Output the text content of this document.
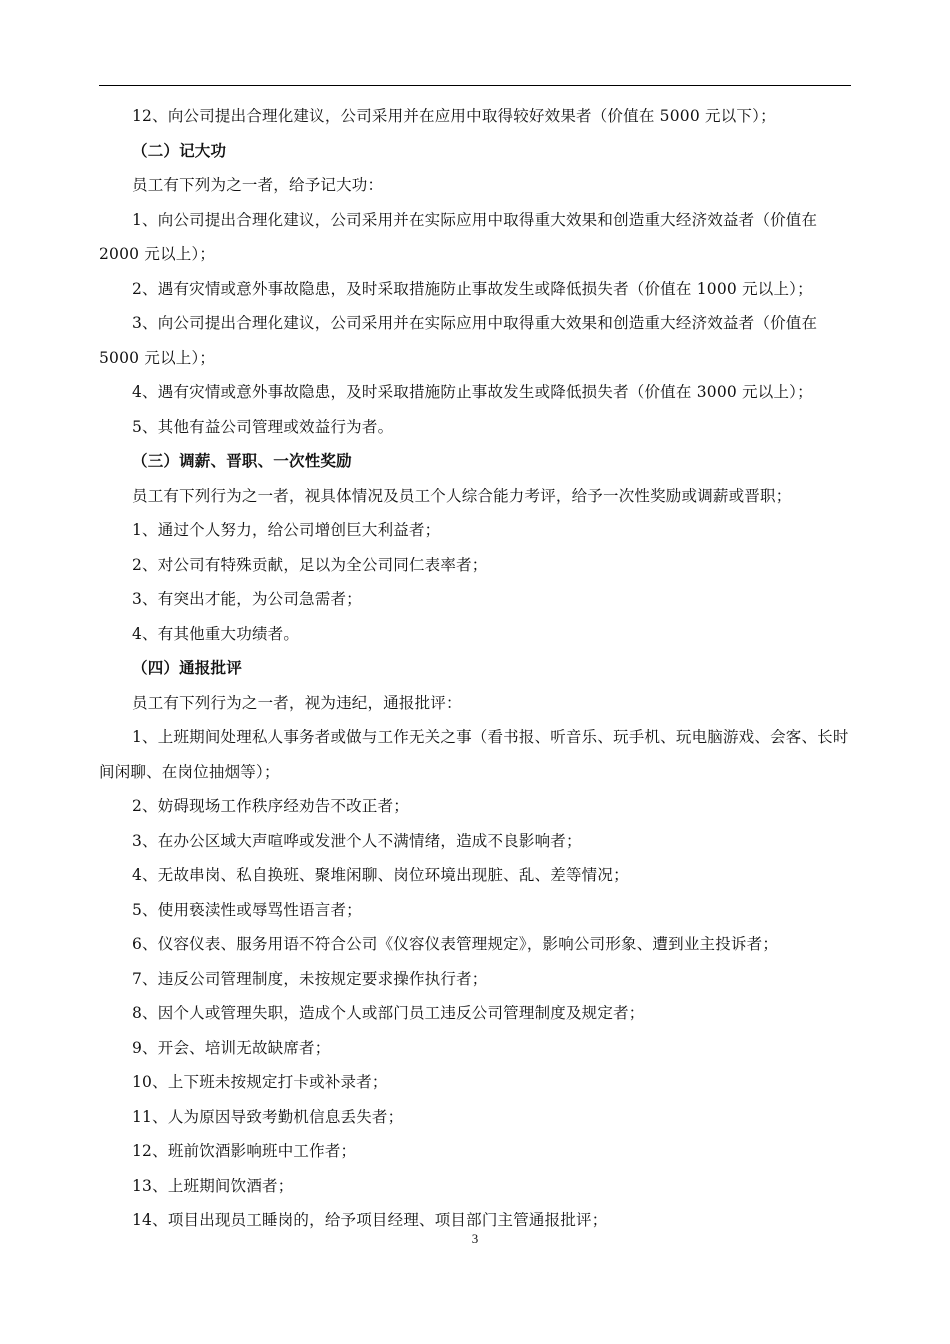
12、向公司提出合理化建议，公司采用并在应用中取得较好效果者（价值在 5000 元以下）；
（二）记大功
员工有下列为之一者，给予记大功：
1、向公司提出合理化建议，公司采用并在实际应用中取得重大效果和创造重大经济效益者（价值在
2000 元以上）；
2、遇有灾情或意外事故隐患，及时采取措施防止事故发生或降低损失者（价值在 1000 元以上）；
3、向公司提出合理化建议，公司采用并在实际应用中取得重大效果和创造重大经济效益者（价值在
5000 元以上）；
4、遇有灾情或意外事故隐患，及时采取措施防止事故发生或降低损失者（价值在 3000 元以上）；
5、其他有益公司管理或效益行为者。
（三）调薪、晋职、一次性奖励
员工有下列行为之一者，视具体情况及员工个人综合能力考评，给予一次性奖励或调薪或晋职；
1、通过个人努力，给公司增创巨大利益者；
2、对公司有特殊贡献，足以为全公司同仁表率者；
3、有突出才能，为公司急需者；
4、有其他重大功绩者。
（四）通报批评
员工有下列行为之一者，视为违纪，通报批评：
1、上班期间处理私人事务者或做与工作无关之事（看书报、听音乐、玩手机、玩电脑游戏、会客、长时
间闲聊、在岗位抽烟等）；
2、妨碍现场工作秩序经劝告不改正者；
3、在办公区域大声喧哗或发泄个人不满情绪，造成不良影响者；
4、无故串岗、私自换班、聚堆闲聊、岗位环境出现脏、乱、差等情况；
5、使用亵渎性或辱骂性语言者；
6、仪容仪表、服务用语不符合公司《仪容仪表管理规定》，影响公司形象、遭到业主投诉者；
7、违反公司管理制度，未按规定要求操作执行者；
8、因个人或管理失职，造成个人或部门员工违反公司管理制度及规定者；
9、开会、培训无故缺席者；
10、上下班未按规定打卡或补录者；
11、人为原因导致考勤机信息丢失者；
12、班前饮酒影响班中工作者；
13、上班期间饮酒者；
14、项目出现员工睡岗的，给予项目经理、项目部门主管通报批评；
3
